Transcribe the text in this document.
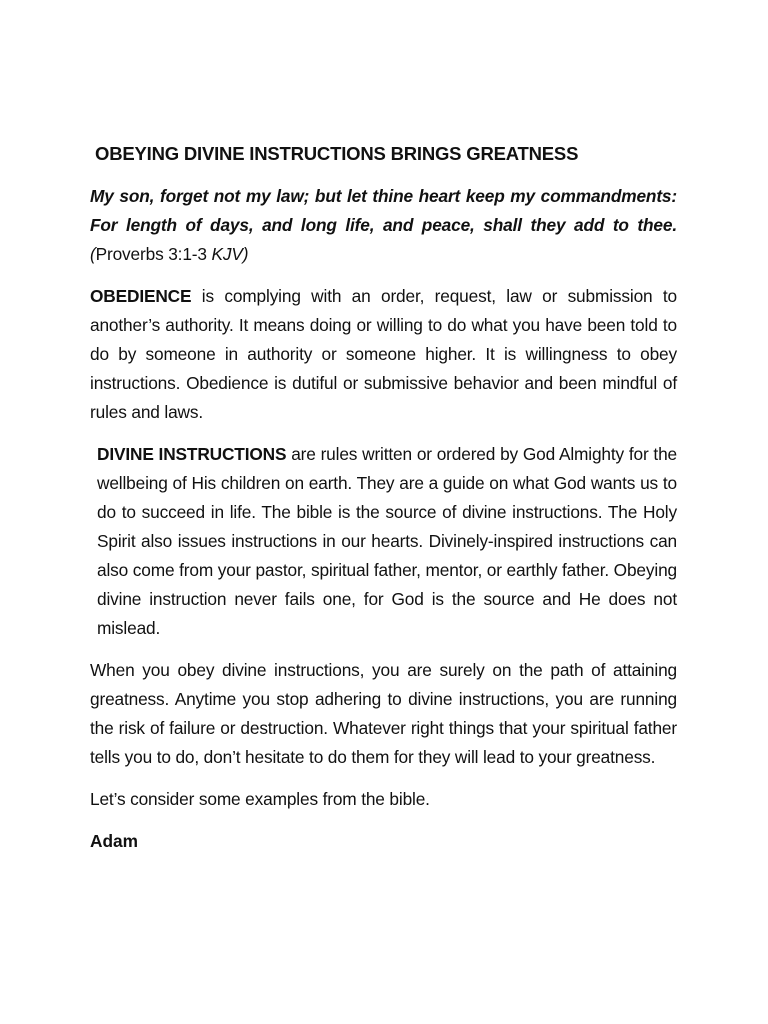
OBEYING DIVINE INSTRUCTIONS BRINGS GREATNESS

My son, forget not my law; but let thine heart keep my commandments: For length of days, and long life, and peace, shall they add to thee. (Proverbs 3:1-3 KJV)

OBEDIENCE is complying with an order, request, law or submission to another’s authority. It means doing or willing to do what you have been told to do by someone in authority or someone higher. It is willingness to obey instructions. Obedience is dutiful or submissive behavior and been mindful of rules and laws.

DIVINE INSTRUCTIONS are rules written or ordered by God Almighty for the wellbeing of His children on earth. They are a guide on what God wants us to do to succeed in life. The bible is the source of divine instructions. The Holy Spirit also issues instructions in our hearts. Divinely-inspired instructions can also come from your pastor, spiritual father, mentor, or earthly father. Obeying divine instruction never fails one, for God is the source and He does not mislead.

When you obey divine instructions, you are surely on the path of attaining greatness. Anytime you stop adhering to divine instructions, you are running the risk of failure or destruction. Whatever right things that your spiritual father tells you to do, don’t hesitate to do them for they will lead to your greatness.

Let’s consider some examples from the bible.

Adam
